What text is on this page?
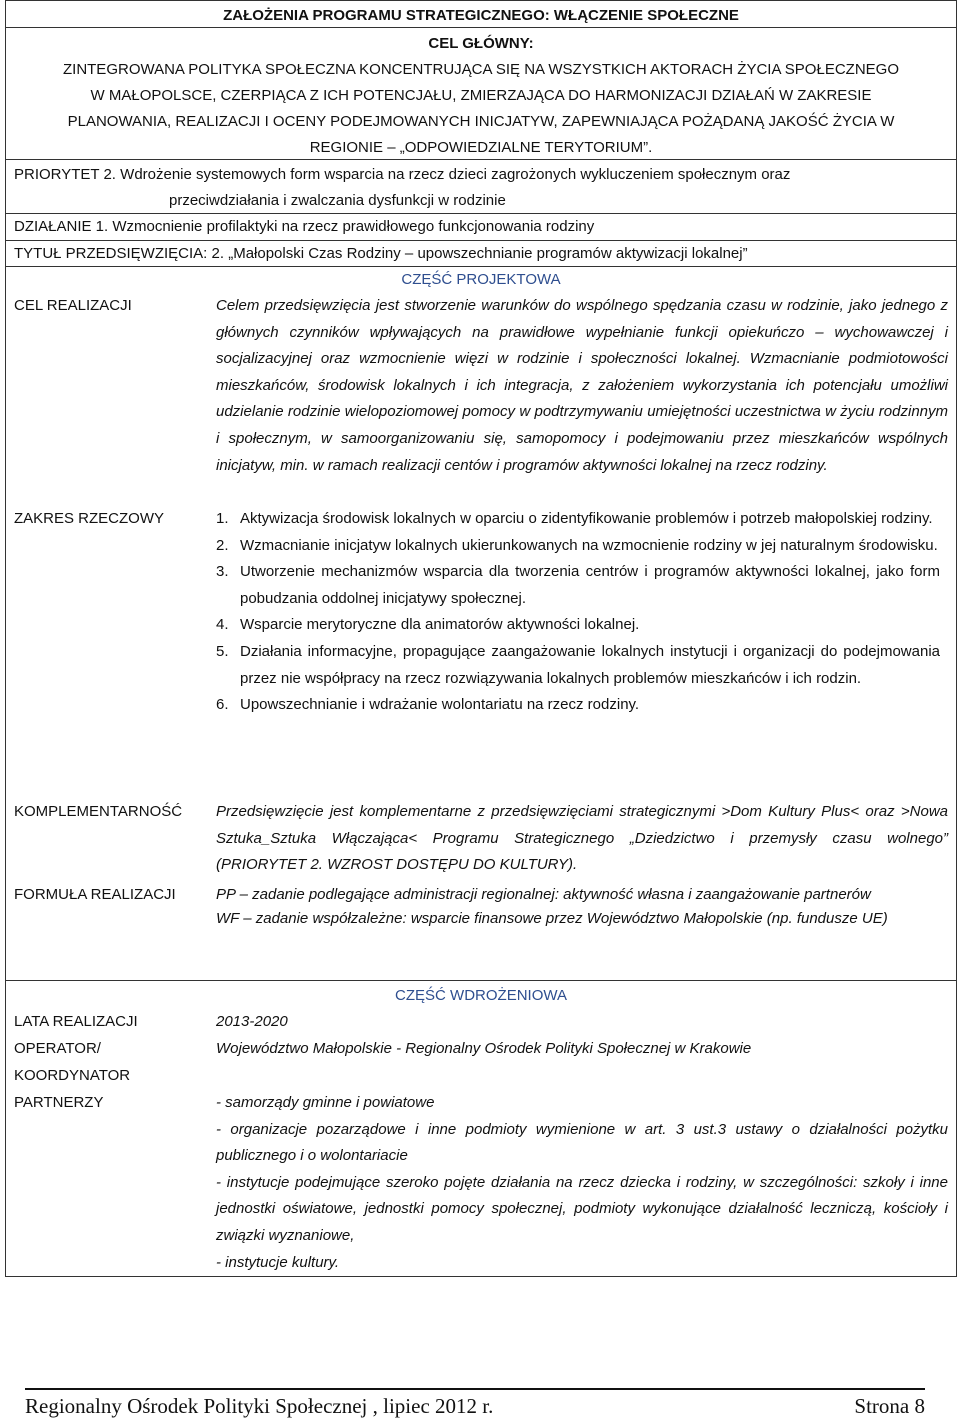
ZAŁOŻENIA PROGRAMU STRATEGICZNEGO: WŁĄCZENIE SPOŁECZNE
CEL GŁÓWNY:
ZINTEGROWANA POLITYKA SPOŁECZNA KONCENTRUJĄCA SIĘ NA WSZYSTKICH AKTORACH ŻYCIA SPOŁECZNEGO
W MAŁOPOLSCE, CZERPIĄCA Z ICH POTENCJAŁU, ZMIERZAJĄCA DO HARMONIZACJI DZIAŁAŃ W ZAKRESIE
PLANOWANIA, REALIZACJI I OCENY PODEJMOWANYCH INICJATYW, ZAPEWNIAJĄCA POŻĄDANĄ JAKOŚĆ ŻYCIA W
REGIONIE – „ODPOWIEDZIALNE TERYTORIUM”.
PRIORYTET 2. Wdrożenie systemowych form wsparcia na rzecz dzieci zagrożonych wykluczeniem społecznym oraz
przeciwdziałania i zwalczania dysfunkcji w rodzinie
DZIAŁANIE 1. Wzmocnienie profilaktyki na rzecz prawidłowego funkcjonowania rodziny
TYTUŁ PRZEDSIĘWZIĘCIA: 2. „Małopolski Czas Rodziny – upowszechnianie programów aktywizacji lokalnej”
CZĘŚĆ PROJEKTOWA
CEL REALIZACJI	Celem przedsięwzięcia jest stworzenie warunków do wspólnego spędzania czasu w rodzinie, jako jednego z głównych czynników wpływających na prawidłowe wypełnianie funkcji opiekuńczo – wychowawczej i socjalizacyjnej oraz wzmocnienie więzi w rodzinie i społeczności lokalnej. Wzmacnianie podmiotowości mieszkańców, środowisk lokalnych i ich integracja, z założeniem wykorzystania ich potencjału umożliwi udzielanie rodzinie wielopoziomowej pomocy w podtrzymywaniu umiejętności uczestnictwa w życiu rodzinnym i społecznym, w samoorganizowaniu się, samopomocy i podejmowaniu przez mieszkańców wspólnych inicjatyw, min. w ramach realizacji centów i programów aktywności lokalnej na rzecz rodziny.
ZAKRES RZECZOWY	1. Aktywizacja środowisk lokalnych w oparciu o zidentyfikowanie problemów i potrzeb małopolskiej rodziny.
2. Wzmacnianie inicjatyw lokalnych ukierunkowanych na wzmocnienie rodziny w jej naturalnym środowisku.
3. Utworzenie mechanizmów wsparcia dla tworzenia centrów i programów aktywności lokalnej, jako form pobudzania oddolnej inicjatywy społecznej.
4. Wsparcie merytoryczne dla animatorów aktywności lokalnej.
5. Działania informacyjne, propagujące zaangażowanie lokalnych instytucji i organizacji do podejmowania przez nie współpracy na rzecz rozwiązywania lokalnych problemów mieszkańców i ich rodzin.
6. Upowszechnianie i wdrażanie wolontariatu na rzecz rodziny.
KOMPLEMENTARNOŚĆ	Przedsięwzięcie jest komplementarne z przedsięwzięciami strategicznymi >Dom Kultury Plus< oraz >Nowa Sztuka_Sztuka Włączająca< Programu Strategicznego „Dziedzictwo i przemysły czasu wolnego” (PRIORYTET 2. WZROST DOSTĘPU DO KULTURY).
FORMUŁA REALIZACJI	PP – zadanie podlegające administracji regionalnej: aktywność własna i zaangażowanie partnerów
WF – zadanie współzależne: wsparcie finansowe przez Województwo Małopolskie (np. fundusze UE)
CZĘŚĆ WDROŻENIOWA
LATA REALIZACJI	2013-2020
OPERATOR/
KOORDYNATOR
Województwo Małopolskie - Regionalny Ośrodek Polityki Społecznej w Krakowie
PARTNERZY	- samorządy gminne i powiatowe
- organizacje pozarządowe i inne podmioty wymienione w art. 3 ust.3 ustawy o działalności pożytku publicznego i o wolontariacie
- instytucje podejmujące szeroko pojęte działania na rzecz dziecka i rodziny, w szczególności: szkoły i inne jednostki oświatowe, jednostki pomocy społecznej, podmioty wykonujące działalność leczniczą, kościoły i związki wyznaniowe,
- instytucje kultury.
Regionalny Ośrodek Polityki Społecznej , lipiec 2012 r.	Strona 8
